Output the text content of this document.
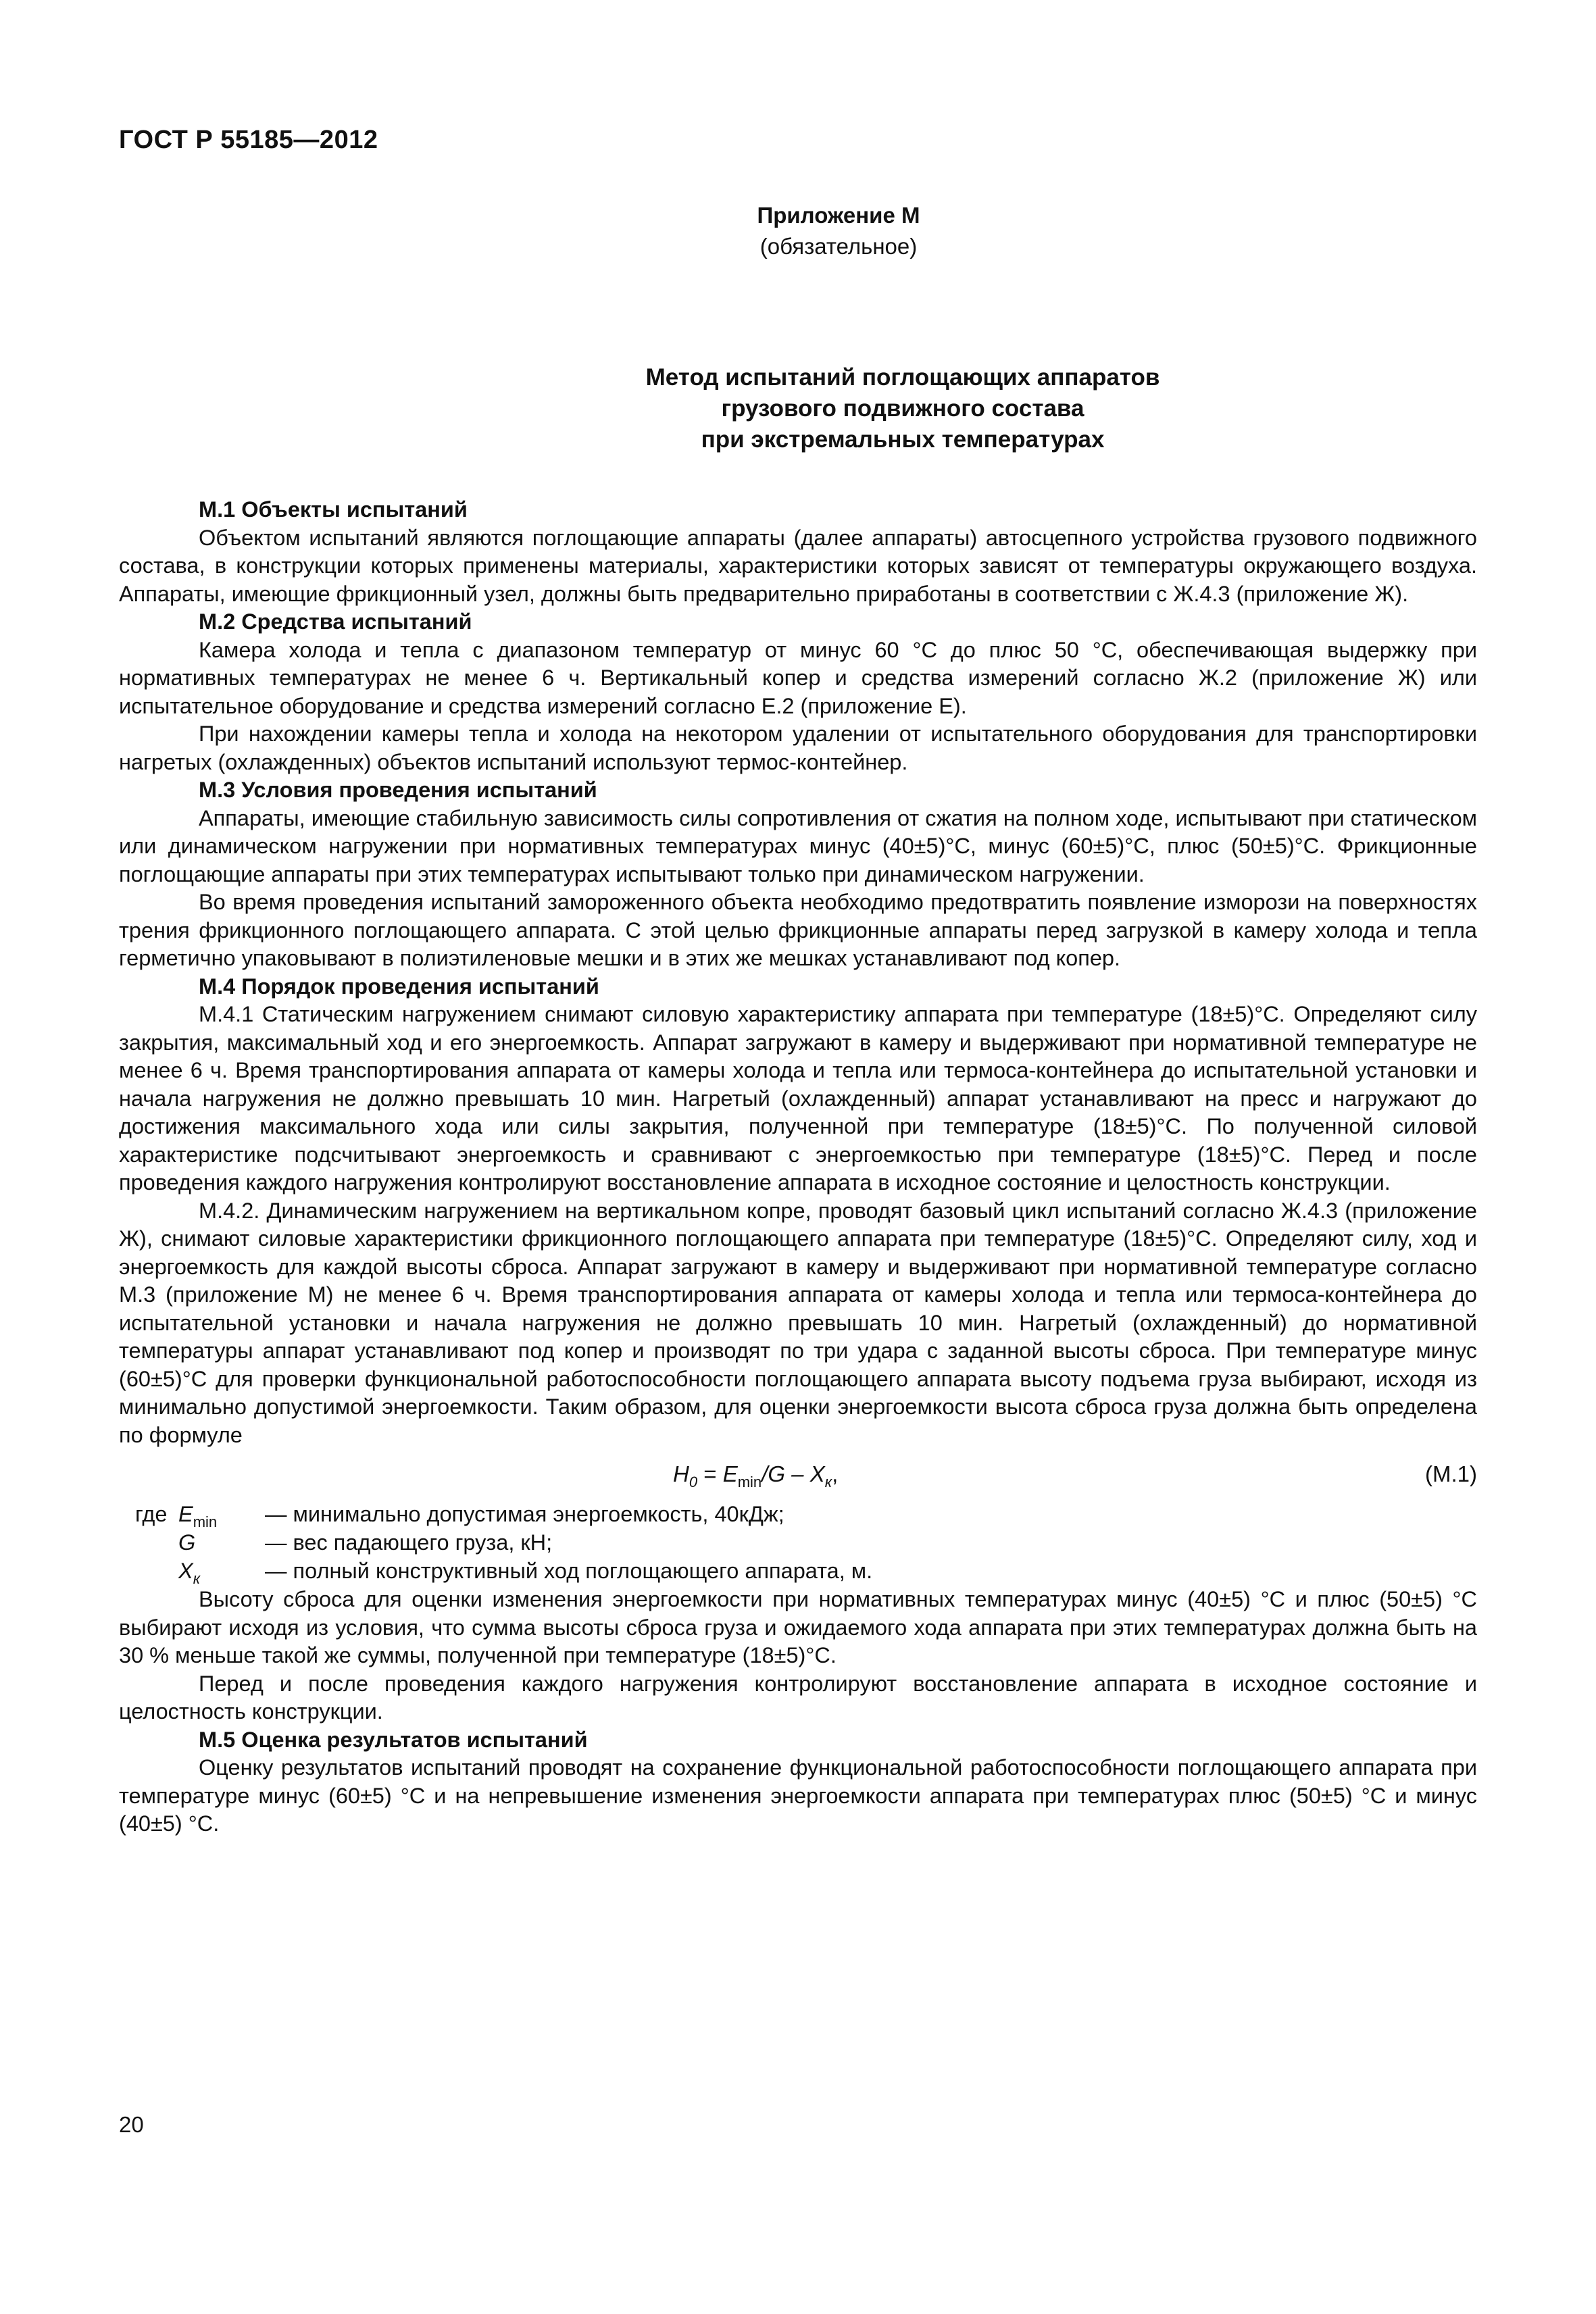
ГОСТ Р 55185—2012
Приложение М
(обязательное)
Метод испытаний поглощающих аппаратов
грузового подвижного состава
при экстремальных температурах
М.1 Объекты испытаний

Объектом испытаний являются поглощающие аппараты (далее аппараты) автосцепного устройства грузового подвижного состава, в конструкции которых применены материалы, характеристики которых зависят от температуры окружающего воздуха. Аппараты, имеющие фрикционный узел, должны быть предварительно приработаны в соответствии с Ж.4.3 (приложение Ж).

М.2 Средства испытаний

Камера холода и тепла с диапазоном температур от минус 60 °С до плюс 50 °С, обеспечивающая выдержку при нормативных температурах не менее 6 ч. Вертикальный копер и средства измерений согласно Ж.2 (приложение Ж) или испытательное оборудование и средства измерений согласно Е.2 (приложение Е).

При нахождении камеры тепла и холода на некотором удалении от испытательного оборудования для транспортировки нагретых (охлажденных) объектов испытаний используют термос-контейнер.

М.3 Условия проведения испытаний

Аппараты, имеющие стабильную зависимость силы сопротивления от сжатия на полном ходе, испытывают при статическом или динамическом нагружении при нормативных температурах минус (40±5)°С, минус (60±5)°С, плюс (50±5)°С. Фрикционные поглощающие аппараты при этих температурах испытывают только при динамическом нагружении.

Во время проведения испытаний замороженного объекта необходимо предотвратить появление изморози на поверхностях трения фрикционного поглощающего аппарата. С этой целью фрикционные аппараты перед загрузкой в камеру холода и тепла герметично упаковывают в полиэтиленовые мешки и в этих же мешках устанавливают под копер.

М.4 Порядок проведения испытаний

М.4.1 Статическим нагружением снимают силовую характеристику аппарата при температуре (18±5)°С. Определяют силу закрытия, максимальный ход и его энергоемкость. Аппарат загружают в камеру и выдерживают при нормативной температуре не менее 6 ч. Время транспортирования аппарата от камеры холода и тепла или термоса-контейнера до испытательной установки и начала нагружения не должно превышать 10 мин. Нагретый (охлажденный) аппарат устанавливают на пресс и нагружают до достижения максимального хода или силы закрытия, полученной при температуре (18±5)°С. По полученной силовой характеристике подсчитывают энергоемкость и сравнивают с энергоемкостью при температуре (18±5)°С. Перед и после проведения каждого нагружения контролируют восстановление аппарата в исходное состояние и целостность конструкции.

М.4.2. Динамическим нагружением на вертикальном копре, проводят базовый цикл испытаний согласно Ж.4.3 (приложение Ж), снимают силовые характеристики фрикционного поглощающего аппарата при температуре (18±5)°С. Определяют силу, ход и энергоемкость для каждой высоты сброса. Аппарат загружают в камеру и выдерживают при нормативной температуре согласно М.3 (приложение М) не менее 6 ч. Время транспортирования аппарата от камеры холода и тепла или термоса-контейнера до испытательной установки и начала нагружения не должно превышать 10 мин. Нагретый (охлажденный) до нормативной температуры аппарат устанавливают под копер и производят по три удара с заданной высоты сброса. При температуре минус (60±5)°С для проверки функциональной работоспособности поглощающего аппарата высоту подъема груза выбирают, исходя из минимально допустимой энергоемкости. Таким образом, для оценки энергоемкости высота сброса груза должна быть определена по формуле

$H_0 = E_{min}/G - X_к$,	(М.1)
где $E_{min}$ — минимально допустимая энергоемкость, 40кДж;
G	— вес падающего груза, кН;
$X_к$	— полный конструктивный ход поглощающего аппарата, м.

Высоту сброса для оценки изменения энергоемкости при нормативных температурах минус (40±5) °С и плюс (50±5) °С выбирают исходя из условия, что сумма высоты сброса груза и ожидаемого хода аппарата при этих температурах должна быть на 30 % меньше такой же суммы, полученной при температуре (18±5)°С.

Перед и после проведения каждого нагружения контролируют восстановление аппарата в исходное состояние и целостность конструкции.

М.5 Оценка результатов испытаний

Оценку результатов испытаний проводят на сохранение функциональной работоспособности поглощающего аппарата при температуре минус (60±5) °С и на непревышение изменения энергоемкости аппарата при температурах плюс (50±5) °С и минус (40±5) °С.

20
